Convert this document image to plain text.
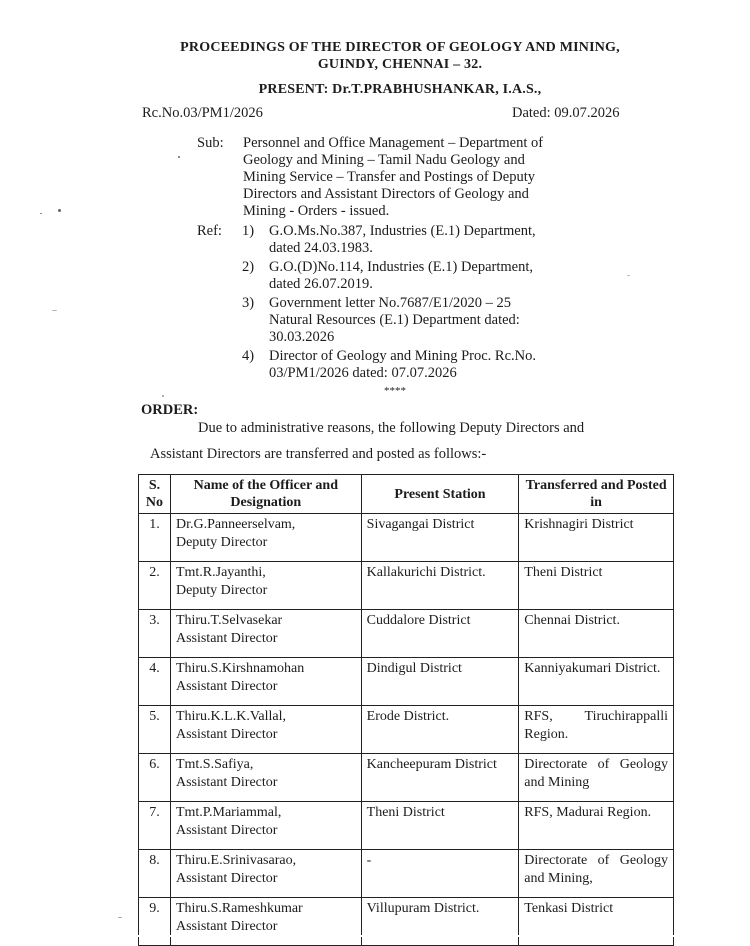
PROCEEDINGS OF THE DIRECTOR OF GEOLOGY AND MINING,
GUINDY, CHENNAI – 32.
PRESENT: Dr.T.PRABHUSHANKAR, I.A.S.,
Rc.No.03/PM1/2026	Dated: 09.07.2026
Sub: Personnel and Office Management – Department of
Geology and Mining – Tamil Nadu Geology and
Mining Service – Transfer and Postings of Deputy
Directors and Assistant Directors of Geology and
Mining - Orders - issued.
Ref: 1) G.O.Ms.No.387, Industries (E.1) Department,
dated 24.03.1983.
2) G.O.(D)No.114, Industries (E.1) Department,
dated 26.07.2019.
3) Government letter No.7687/E1/2020 – 25
Natural Resources (E.1) Department dated:
30.03.2026
4) Director of Geology and Mining Proc. Rc.No.
03/PM1/2026 dated: 07.07.2026
****
ORDER:
Due to administrative reasons, the following Deputy Directors and
Assistant Directors are transferred and posted as follows:-
S. No	Name of the Officer and Designation	Present Station	Transferred and Posted in
1.	Dr.G.Panneerselvam,
Deputy Director	Sivagangai District	Krishnagiri District
2.	Tmt.R.Jayanthi,
Deputy Director	Kallakurichi District.	Theni District
3.	Thiru.T.Selvasekar
Assistant Director	Cuddalore District	Chennai District.
4.	Thiru.S.Kirshnamohan
Assistant Director	Dindigul District	Kanniyakumari District.
5.	Thiru.K.L.K.Vallal,
Assistant Director	Erode District.	RFS, Tiruchirappalli Region.
6.	Tmt.S.Safiya,
Assistant Director	Kancheepuram District	Directorate of Geology and Mining
7.	Tmt.P.Mariammal,
Assistant Director	Theni District	RFS, Madurai Region.
8.	Thiru.E.Srinivasarao,
Assistant Director	-	Directorate of Geology and Mining,
9.	Thiru.S.Rameshkumar
Assistant Director	Villupuram District.	Tenkasi District
